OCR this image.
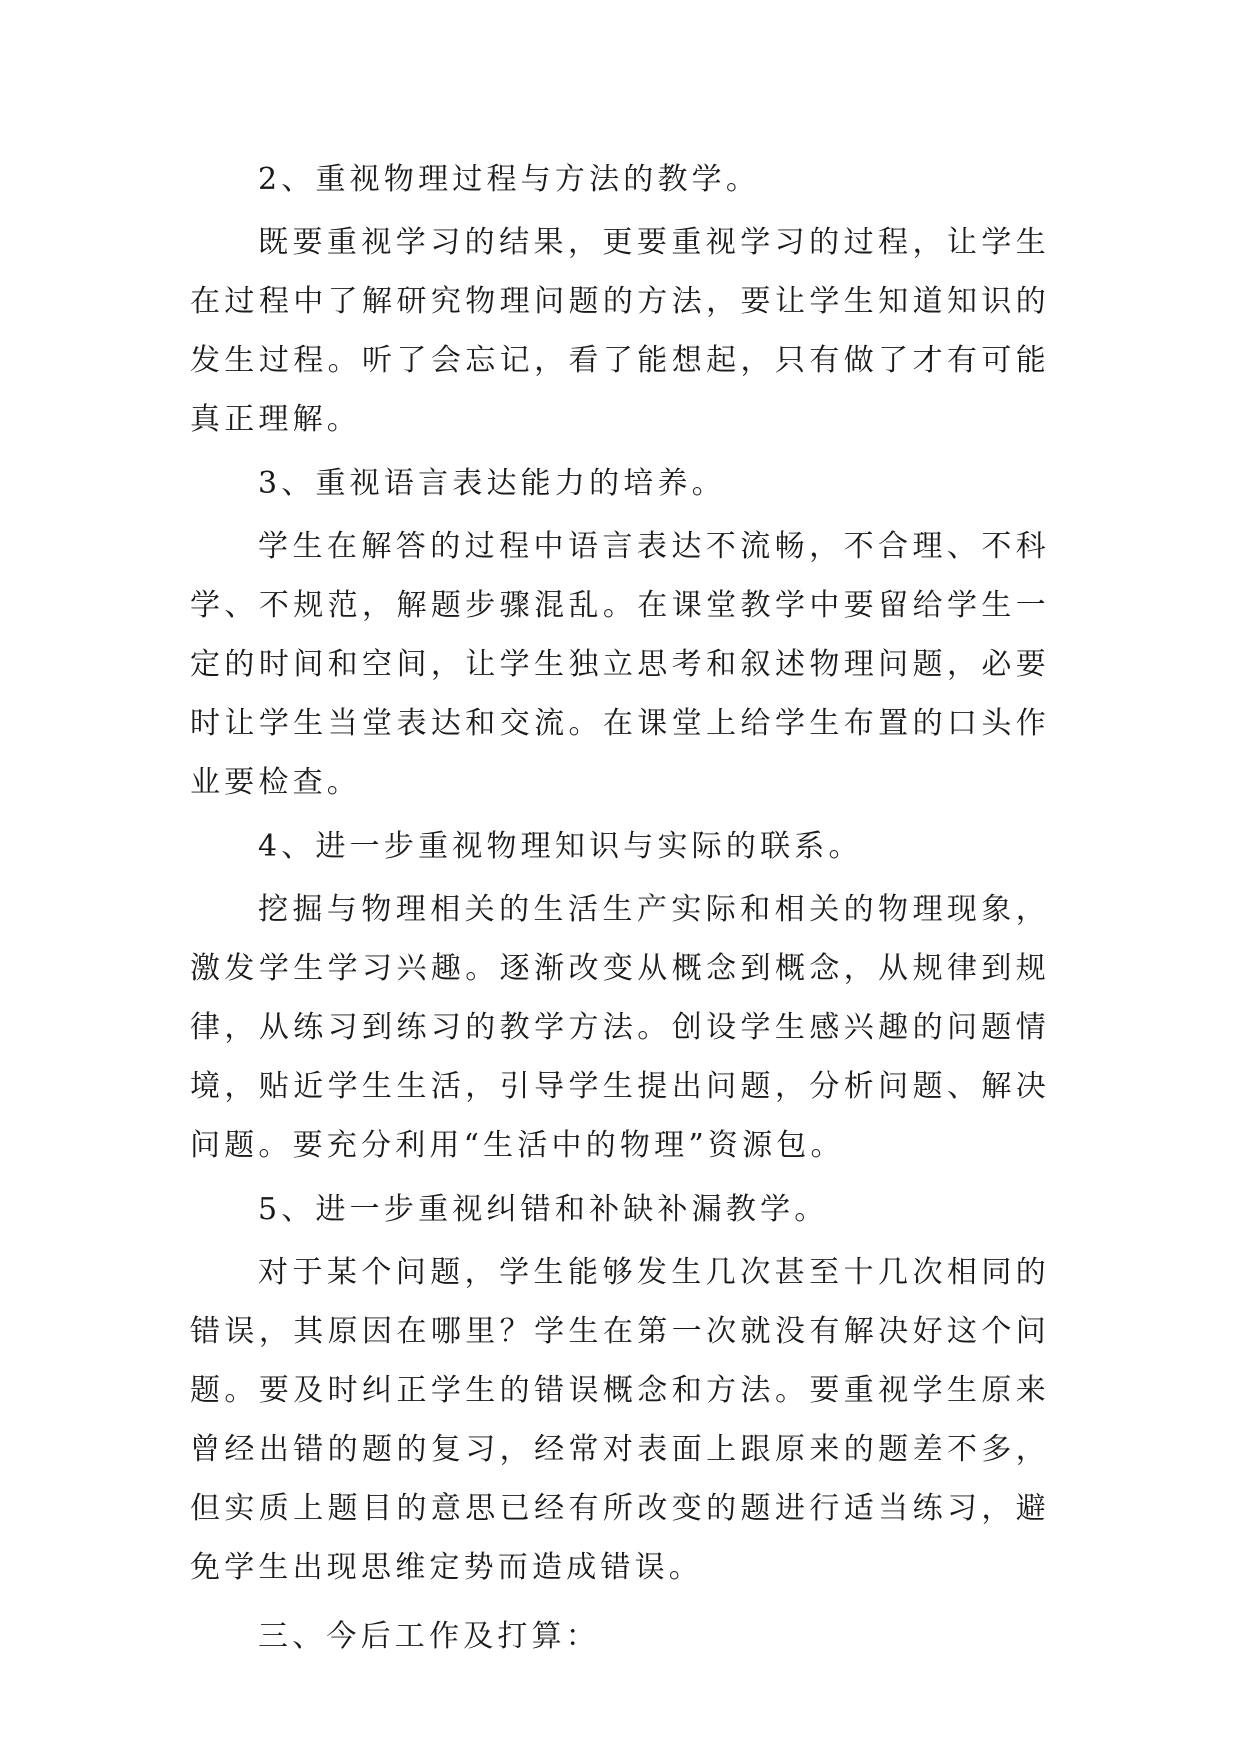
2、重视物理过程与方法的教学。

既要重视学习的结果，更要重视学习的过程，让学生在过程中了解研究物理问题的方法，要让学生知道知识的发生过程。听了会忘记，看了能想起，只有做了才有可能真正理解。

3、重视语言表达能力的培养。

学生在解答的过程中语言表达不流畅，不合理、不科学、不规范，解题步骤混乱。在课堂教学中要留给学生一定的时间和空间，让学生独立思考和叙述物理问题，必要时让学生当堂表达和交流。在课堂上给学生布置的口头作业要检查。

4、进一步重视物理知识与实际的联系。

挖掘与物理相关的生活生产实际和相关的物理现象，激发学生学习兴趣。逐渐改变从概念到概念，从规律到规律，从练习到练习的教学方法。创设学生感兴趣的问题情境，贴近学生生活，引导学生提出问题，分析问题、解决问题。要充分利用“生活中的物理”资源包。

5、进一步重视纠错和补缺补漏教学。

对于某个问题，学生能够发生几次甚至十几次相同的错误，其原因在哪里？学生在第一次就没有解决好这个问题。要及时纠正学生的错误概念和方法。要重视学生原来曾经出错的题的复习，经常对表面上跟原来的题差不多，但实质上题目的意思已经有所改变的题进行适当练习，避免学生出现思维定势而造成错误。

三、今后工作及打算：
